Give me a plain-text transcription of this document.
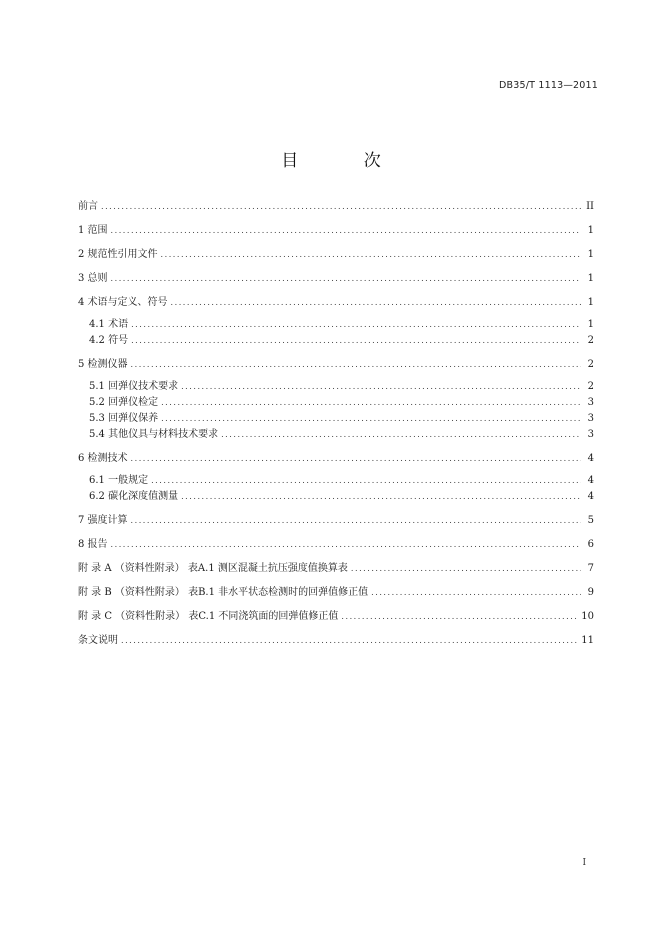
DB35/T 1113—2011
目 次
前言 . . .	II
1 范围 . . .	1
2 规范性引用文件 . . .	1
3 总则 . . .	1
4 术语与定义、符号 . . .	1
4.1 术语 . . .	1
4.2 符号 . . .	2
5 检测仪器 . . .	2
5.1 回弹仪技术要求 . . .	2
5.2 回弹仪检定 . . .	3
5.3 回弹仪保养 . . .	3
5.4 其他仪具与材料技术要求 . . .	3
6 检测技术 . . .	4
6.1 一般规定 . . .	4
6.2 碳化深度值测量 . . .	4
7 强度计算 . . .	5
8 报告 . . .	6
附 录 A （资料性附录） 表A.1 测区混凝土抗压强度值换算表 . . .	7
附 录 B （资料性附录） 表B.1 非水平状态检测时的回弹值修正值 . . .	9
附 录 C （资料性附录） 表C.1 不同浇筑面的回弹值修正值 . . .	10
条文说明 . . .	11
I
